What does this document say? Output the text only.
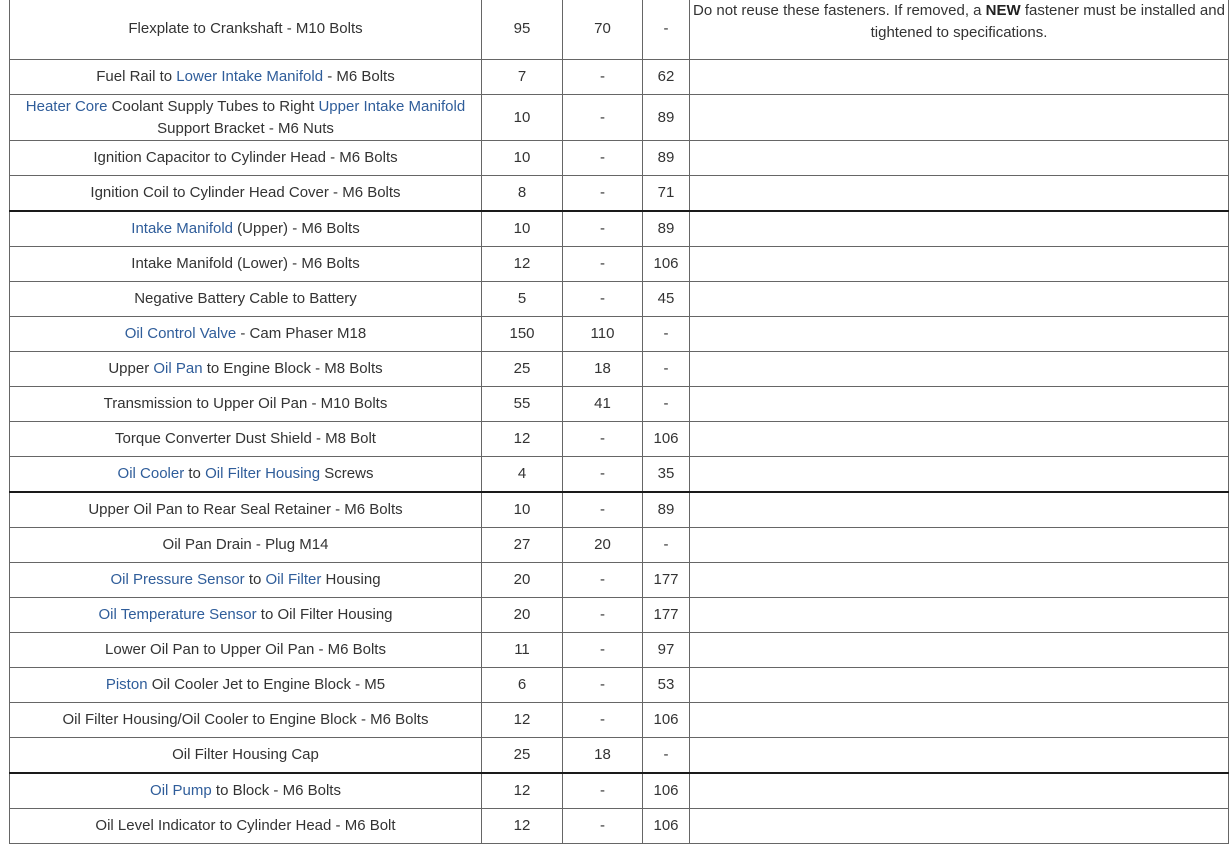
Flexplate to Crankshaft - M10 Bolts	95	70	-	Do not reuse these fasteners. If removed, a NEW fastener must be installed and tightened to specifications.
Fuel Rail to Lower Intake Manifold - M6 Bolts	7	-	62	
Heater Core Coolant Supply Tubes to Right Upper Intake Manifold Support Bracket - M6 Nuts	10	-	89	
Ignition Capacitor to Cylinder Head - M6 Bolts	10	-	89	
Ignition Coil to Cylinder Head Cover - M6 Bolts	8	-	71	
Intake Manifold (Upper) - M6 Bolts	10	-	89	
Intake Manifold (Lower) - M6 Bolts	12	-	106	
Negative Battery Cable to Battery	5	-	45	
Oil Control Valve - Cam Phaser M18	150	110	-	
Upper Oil Pan to Engine Block - M8 Bolts	25	18	-	
Transmission to Upper Oil Pan - M10 Bolts	55	41	-	
Torque Converter Dust Shield - M8 Bolt	12	-	106	
Oil Cooler to Oil Filter Housing Screws	4	-	35	
Upper Oil Pan to Rear Seal Retainer - M6 Bolts	10	-	89	
Oil Pan Drain - Plug M14	27	20	-	
Oil Pressure Sensor to Oil Filter Housing	20	-	177	
Oil Temperature Sensor to Oil Filter Housing	20	-	177	
Lower Oil Pan to Upper Oil Pan - M6 Bolts	11	-	97	
Piston Oil Cooler Jet to Engine Block - M5	6	-	53	
Oil Filter Housing/Oil Cooler to Engine Block - M6 Bolts	12	-	106	
Oil Filter Housing Cap	25	18	-	
Oil Pump to Block - M6 Bolts	12	-	106	
Oil Level Indicator to Cylinder Head - M6 Bolt	12	-	106	
